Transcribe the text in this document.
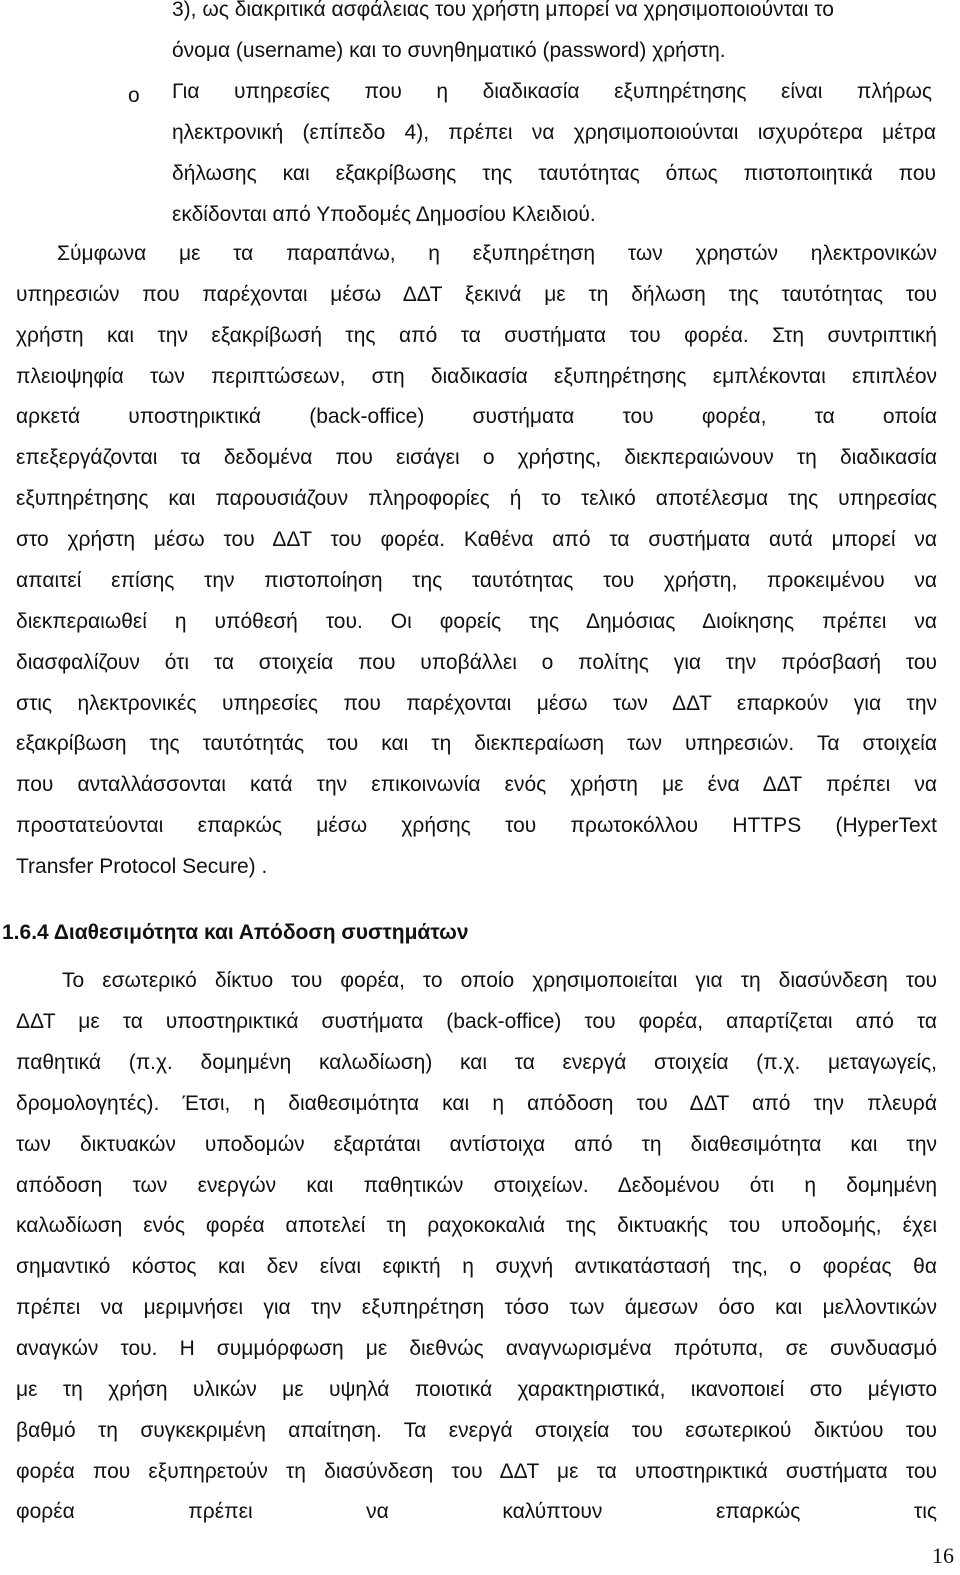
3), ως διακριτικά ασφάλειας του χρήστη μπορεί να χρησιμοποιούνται το
όνομα (username) και το συνηθηματικό (password) χρήστη.
o Για υπηρεσίες που η διαδικασία εξυπηρέτησης είναι πλήρως
ηλεκτρονική (επίπεδο 4), πρέπει να χρησιμοποιούνται ισχυρότερα μέτρα
δήλωσης και εξακρίβωσης της ταυτότητας όπως πιστοποιητικά που
εκδίδονται από Υποδομές Δημοσίου Κλειδιού.
Σύμφωνα με τα παραπάνω, η εξυπηρέτηση των χρηστών ηλεκτρονικών
υπηρεσιών που παρέχονται μέσω ΔΔΤ ξεκινά με τη δήλωση της ταυτότητας του
χρήστη και την εξακρίβωσή της από τα συστήματα του φορέα. Στη συντριπτική
πλειοψηφία των περιπτώσεων, στη διαδικασία εξυπηρέτησης εμπλέκονται επιπλέον
αρκετά υποστηρικτικά (back-office) συστήματα του φορέα, τα οποία
επεξεργάζονται τα δεδομένα που εισάγει ο χρήστης, διεκπεραιώνουν τη διαδικασία
εξυπηρέτησης και παρουσιάζουν πληροφορίες ή το τελικό αποτέλεσμα της υπηρεσίας
στο χρήστη μέσω του ΔΔΤ του φορέα. Καθένα από τα συστήματα αυτά μπορεί να
απαιτεί επίσης την πιστοποίηση της ταυτότητας του χρήστη, προκειμένου να
διεκπεραιωθεί η υπόθεσή του. Οι φορείς της Δημόσιας Διοίκησης πρέπει να
διασφαλίζουν ότι τα στοιχεία που υποβάλλει ο πολίτης για την πρόσβασή του
στις ηλεκτρονικές υπηρεσίες που παρέχονται μέσω των ΔΔΤ επαρκούν για την
εξακρίβωση της ταυτότητάς του και τη διεκπεραίωση των υπηρεσιών. Τα στοιχεία
που ανταλλάσσονται κατά την επικοινωνία ενός χρήστη με ένα ΔΔΤ πρέπει να
προστατεύονται επαρκώς μέσω χρήσης του πρωτοκόλλου HTTPS (HyperText
Transfer Protocol Secure) .
1.6.4 Διαθεσιμότητα και Απόδοση συστημάτων
Το εσωτερικό δίκτυο του φορέα, το οποίο χρησιμοποιείται για τη διασύνδεση του
ΔΔΤ με τα υποστηρικτικά συστήματα (back-office) του φορέα, απαρτίζεται από τα
παθητικά (π.χ. δομημένη καλωδίωση) και τα ενεργά στοιχεία (π.χ. μεταγωγείς,
δρομολογητές). Έτσι, η διαθεσιμότητα και η απόδοση του ΔΔΤ από την πλευρά
των δικτυακών υποδομών εξαρτάται αντίστοιχα από τη διαθεσιμότητα και την
απόδοση των ενεργών και παθητικών στοιχείων. Δεδομένου ότι η δομημένη
καλωδίωση ενός φορέα αποτελεί τη ραχοκοκαλιά της δικτυακής του υποδομής, έχει
σημαντικό κόστος και δεν είναι εφικτή η συχνή αντικατάστασή της, ο φορέας θα
πρέπει να μεριμνήσει για την εξυπηρέτηση τόσο των άμεσων όσο και μελλοντικών
αναγκών του. Η συμμόρφωση με διεθνώς αναγνωρισμένα πρότυπα, σε συνδυασμό
με τη χρήση υλικών με υψηλά ποιοτικά χαρακτηριστικά, ικανοποιεί στο μέγιστο
βαθμό τη συγκεκριμένη απαίτηση. Τα ενεργά στοιχεία του εσωτερικού δικτύου του
φορέα που εξυπηρετούν τη διασύνδεση του ΔΔΤ με τα υποστηρικτικά συστήματα του
φορέα πρέπει να καλύπτουν επαρκώς τις
16
